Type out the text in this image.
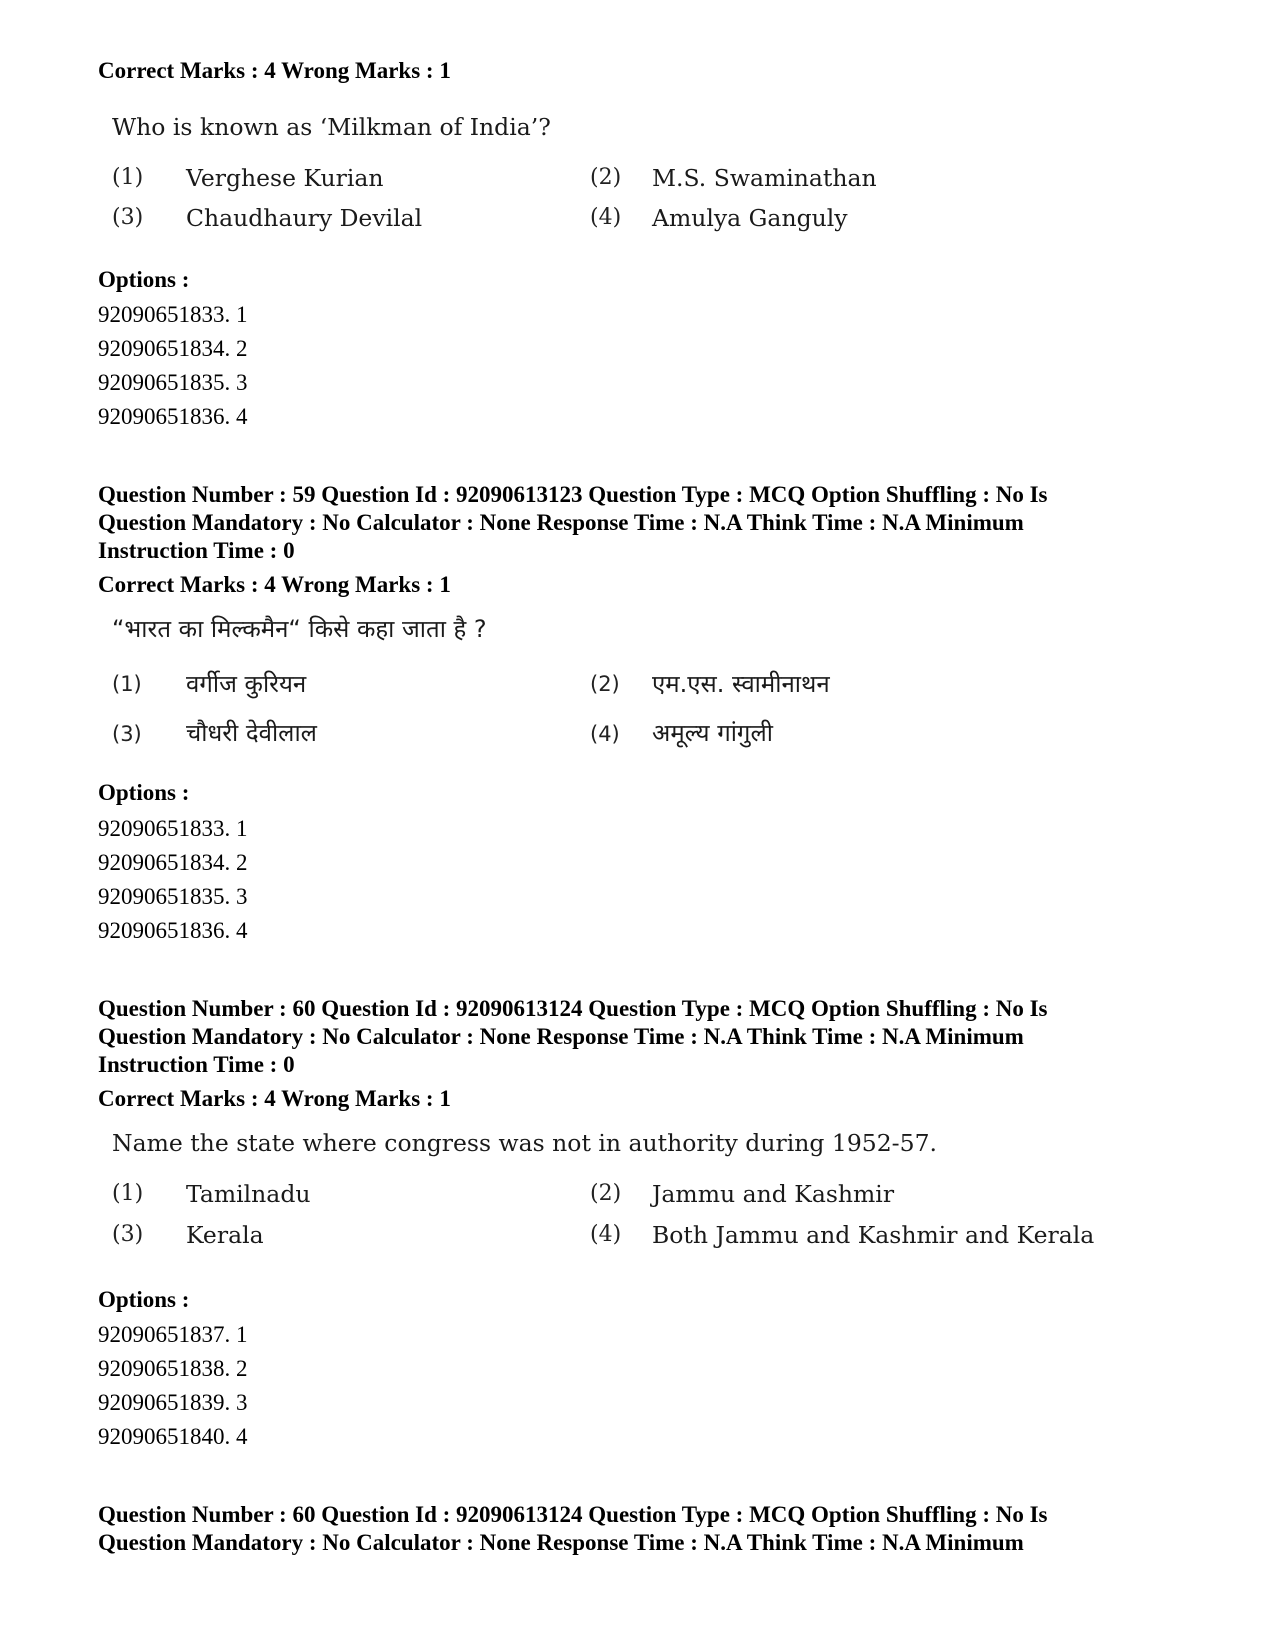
Correct Marks : 4 Wrong Marks : 1
Who is known as ‘Milkman of India’?
(1) Verghese Kurian	(2) M.S. Swaminathan
(3) Chaudhaury Devilal	(4) Amulya Ganguly
Options :
92090651833. 1
92090651834. 2
92090651835. 3
92090651836. 4
Question Number : 59 Question Id : 92090613123 Question Type : MCQ Option Shuffling : No Is
Question Mandatory : No Calculator : None Response Time : N.A Think Time : N.A Minimum
Instruction Time : 0
Correct Marks : 4 Wrong Marks : 1
“भारत का मिल्कमैन“ किसे कहा जाता है ?
(1) वर्गीज कुरियन	(2) एम.एस. स्वामीनाथन
(3) चौधरी देवीलाल	(4) अमूल्य गांगुली
Options :
92090651833. 1
92090651834. 2
92090651835. 3
92090651836. 4
Question Number : 60 Question Id : 92090613124 Question Type : MCQ Option Shuffling : No Is
Question Mandatory : No Calculator : None Response Time : N.A Think Time : N.A Minimum
Instruction Time : 0
Correct Marks : 4 Wrong Marks : 1
Name the state where congress was not in authority during 1952-57.
(1) Tamilnadu	(2) Jammu and Kashmir
(3) Kerala	(4) Both Jammu and Kashmir and Kerala
Options :
92090651837. 1
92090651838. 2
92090651839. 3
92090651840. 4
Question Number : 60 Question Id : 92090613124 Question Type : MCQ Option Shuffling : No Is
Question Mandatory : No Calculator : None Response Time : N.A Think Time : N.A Minimum
